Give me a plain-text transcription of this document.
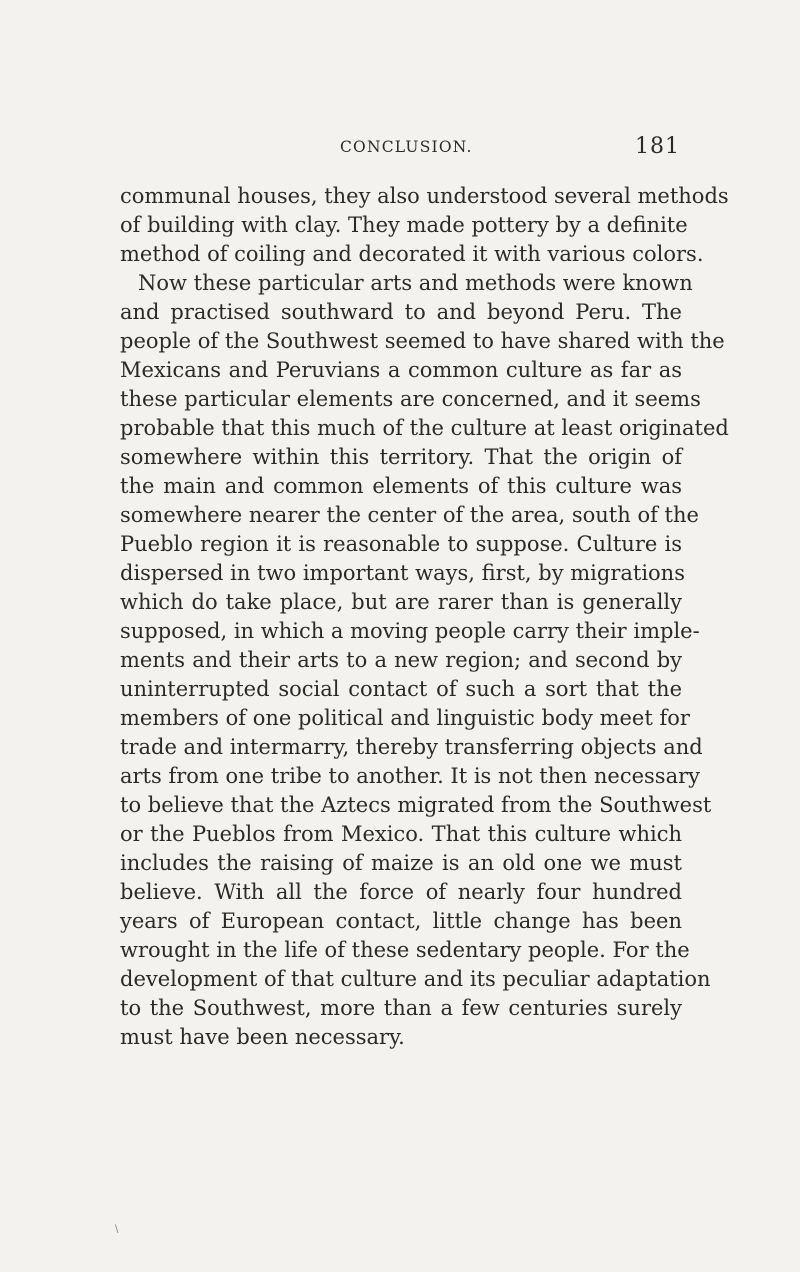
CONCLUSION.	181
communal houses, they also understood several methods
of building with clay. They made pottery by a definite
method of coiling and decorated it with various colors.
Now these particular arts and methods were known
and practised southward to and beyond Peru. The
people of the Southwest seemed to have shared with the
Mexicans and Peruvians a common culture as far as
these particular elements are concerned, and it seems
probable that this much of the culture at least originated
somewhere within this territory. That the origin of
the main and common elements of this culture was
somewhere nearer the center of the area, south of the
Pueblo region it is reasonable to suppose. Culture is
dispersed in two important ways, first, by migrations
which do take place, but are rarer than is generally
supposed, in which a moving people carry their imple-
ments and their arts to a new region; and second by
uninterrupted social contact of such a sort that the
members of one political and linguistic body meet for
trade and intermarry, thereby transferring objects and
arts from one tribe to another. It is not then necessary
to believe that the Aztecs migrated from the Southwest
or the Pueblos from Mexico. That this culture which
includes the raising of maize is an old one we must
believe. With all the force of nearly four hundred
years of European contact, little change has been
wrought in the life of these sedentary people. For the
development of that culture and its peculiar adaptation
to the Southwest, more than a few centuries surely
must have been necessary.
\
